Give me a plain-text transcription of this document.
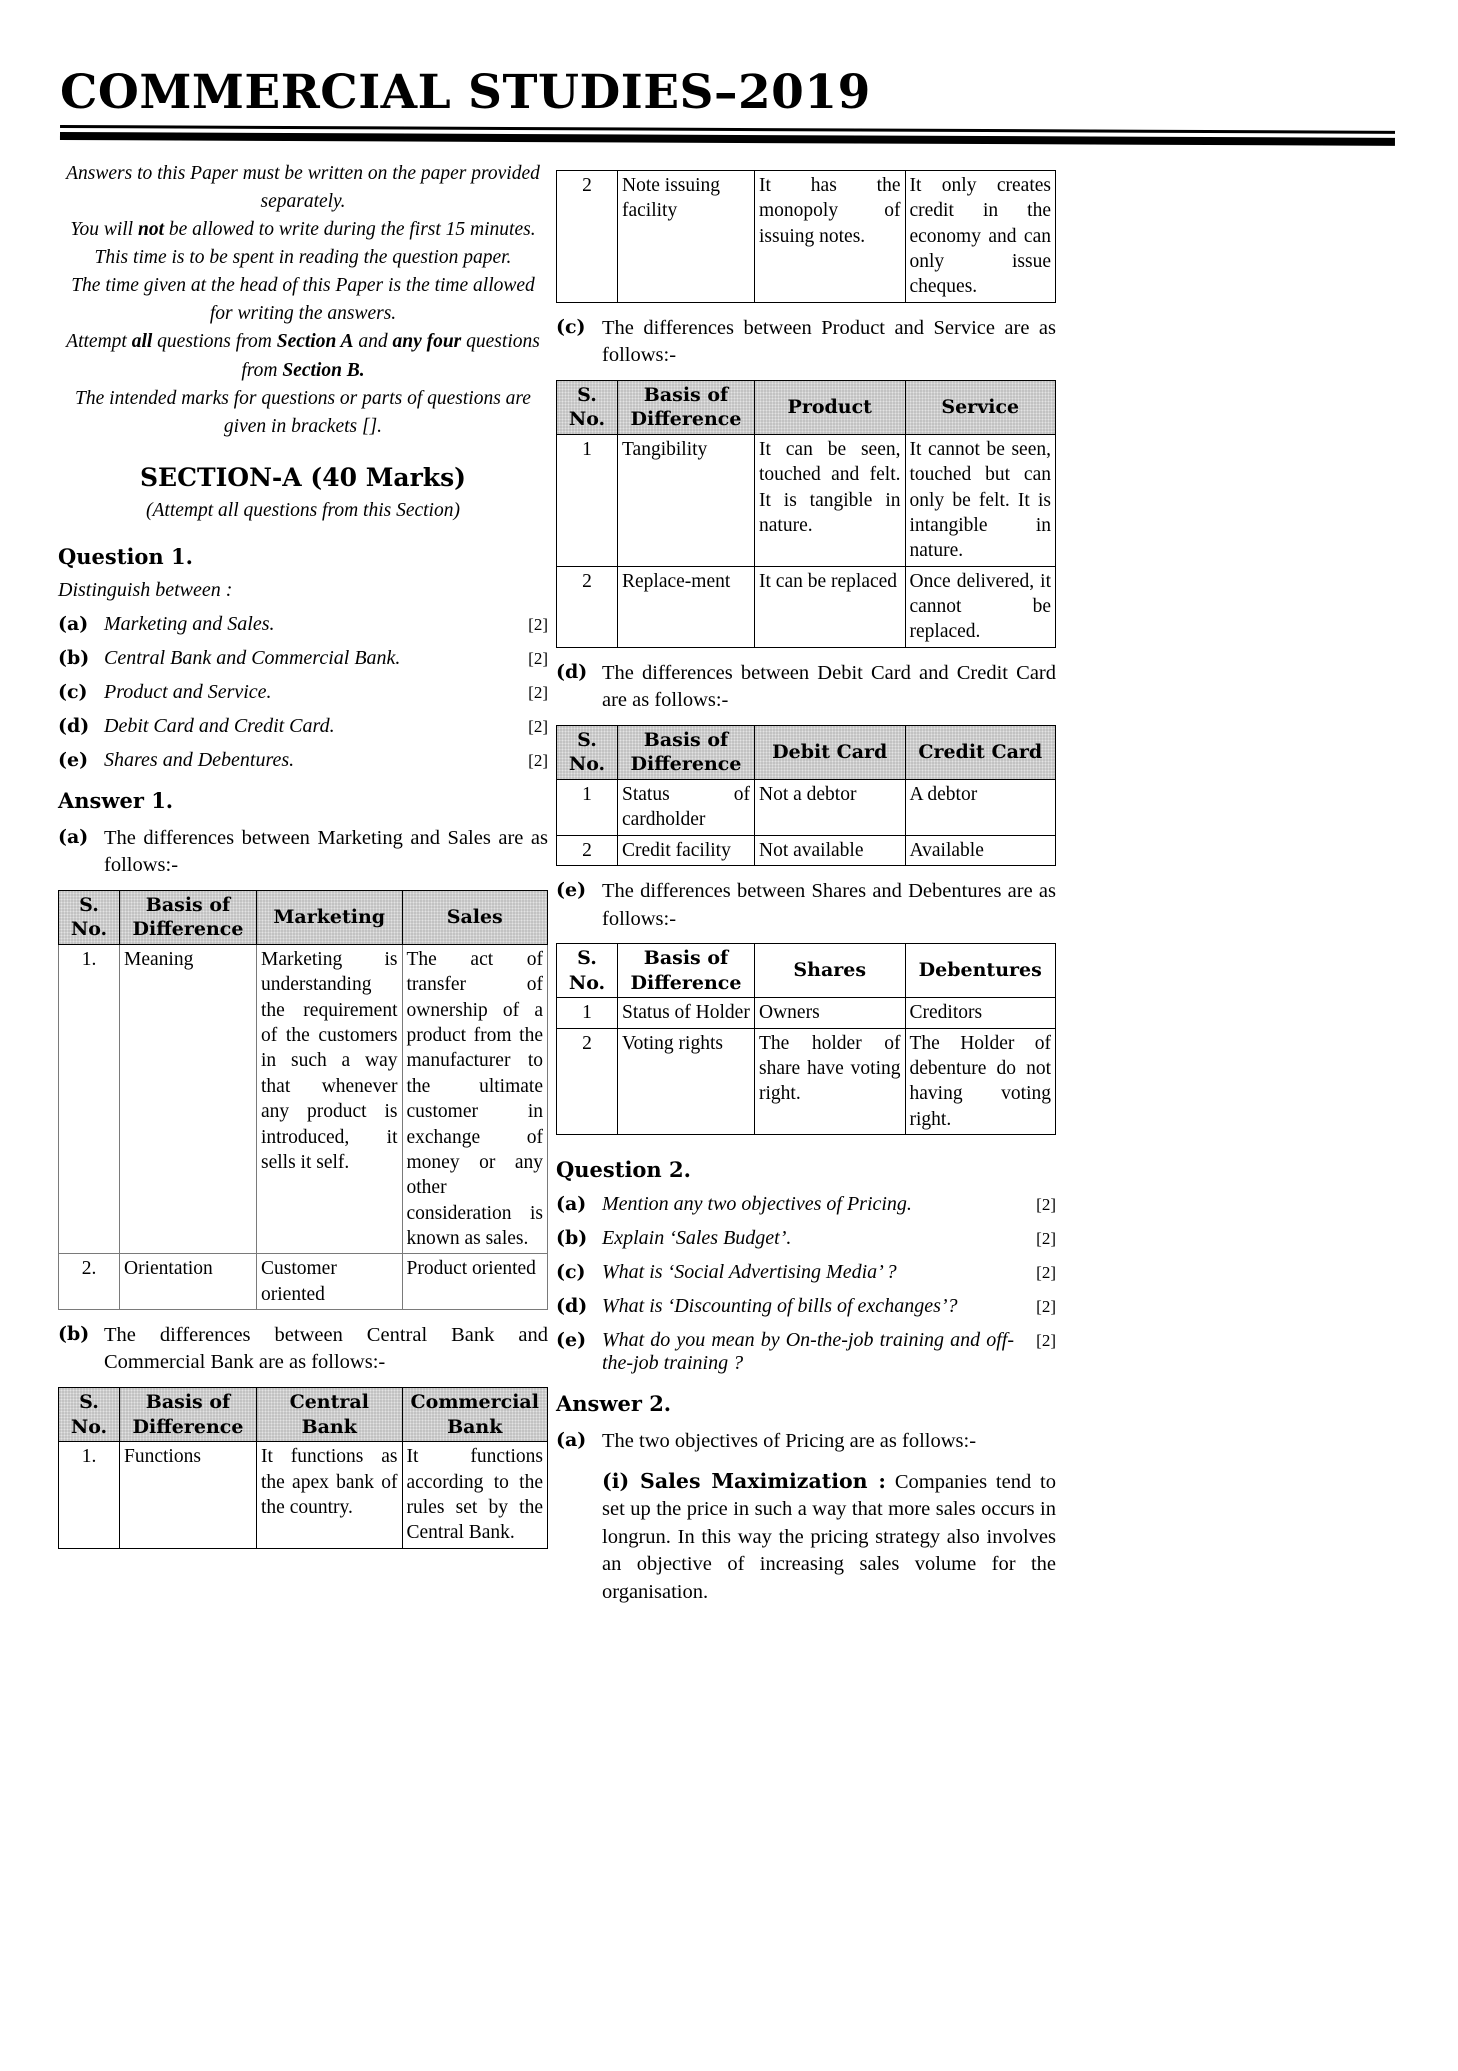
COMMERCIAL STUDIES–2019
Answers to this Paper must be written on the paper provided separately.
You will not be allowed to write during the first 15 minutes.
This time is to be spent in reading the question paper.
The time given at the head of this Paper is the time allowed for writing the answers.
Attempt all questions from Section A and any four questions from Section B.
The intended marks for questions or parts of questions are given in brackets [].
SECTION-A (40 Marks)
(Attempt all questions from this Section)
Question 1.
Distinguish between :
(a) Marketing and Sales.	[2]
(b) Central Bank and Commercial Bank.	[2]
(c) Product and Service.	[2]
(d) Debit Card and Credit Card.	[2]
(e) Shares and Debentures.	[2]
Answer 1.
(a) The differences between Marketing and Sales are as follows:-
S. No.	Basis of Difference	Marketing	Sales
1.	Meaning	Marketing is understanding the requirement of the customers in such a way that whenever any product is introduced, it sells it self.	The act of transfer of ownership of a product from the manufacturer to the ultimate customer in exchange of money or any other consideration is known as sales.
2.	Orientation	Customer oriented	Product oriented
(b) The differences between Central Bank and Commercial Bank are as follows:-
S. No.	Basis of Difference	Central Bank	Commercial Bank
1.	Functions	It functions as the apex bank of the country.	It functions according to the rules set by the Central Bank.
2	Note issuing facility	It has the monopoly of issuing notes.	It only creates credit in the economy and can only issue cheques.
(c) The differences between Product and Service are as follows:-
S. No.	Basis of Difference	Product	Service
1	Tangibility	It can be seen, touched and felt. It is tangible in nature.	It cannot be seen, touched but can only be felt. It is intangible in nature.
2	Replace-ment	It can be replaced	Once delivered, it cannot be replaced.
(d) The differences between Debit Card and Credit Card are as follows:-
S. No.	Basis of Difference	Debit Card	Credit Card
1	Status of cardholder	Not a debtor	A debtor
2	Credit facility	Not available	Available
(e) The differences between Shares and Debentures are as follows:-
S. No.	Basis of Difference	Shares	Debentures
1	Status of Holder	Owners	Creditors
2	Voting rights	The holder of share have voting right.	The Holder of debenture do not having voting right.
Question 2.
(a) Mention any two objectives of Pricing.	[2]
(b) Explain ‘Sales Budget’.	[2]
(c) What is ‘Social Advertising Media’ ?	[2]
(d) What is ‘Discounting of bills of exchanges’?	[2]
(e) What do you mean by On-the-job training and off-the-job training ?
[2]
Answer 2.
(a) The two objectives of Pricing are as follows:-
(i) Sales Maximization : Companies tend to set up the price in such a way that more sales occurs in longrun. In this way the pricing strategy also involves an objective of increasing sales volume for the organisation.
